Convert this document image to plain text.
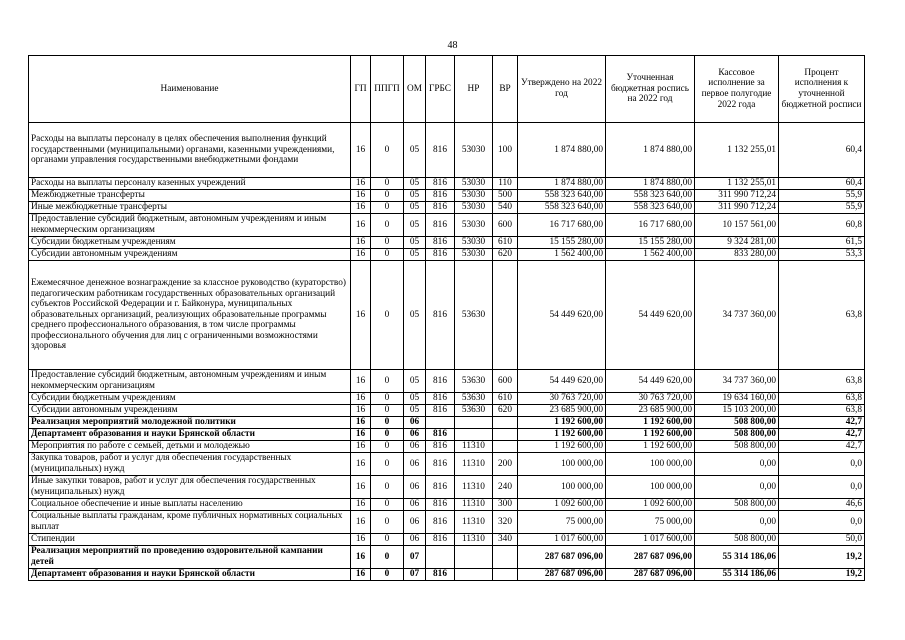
48
Наименование	ГП	ППГП	ОМ	ГРБС	НР	ВР	Утверждено на 2022 год	Уточненная бюджетная роспись на 2022 год	Кассовое исполнение за первое полугодие 2022 года	Процент исполнения к уточненной бюджетной росписи
Расходы на выплаты персоналу в целях обеспечения выполнения функций государственными (муниципальными) органами, казенными учреждениями, органами управления государственными внебюджетными фондами	16	0	05	816	53030	100	1 874 880,00	1 874 880,00	1 132 255,01	60,4
Расходы на выплаты персоналу казенных учреждений	16	0	05	816	53030	110	1 874 880,00	1 874 880,00	1 132 255,01	60,4
Межбюджетные трансферты	16	0	05	816	53030	500	558 323 640,00	558 323 640,00	311 990 712,24	55,9
Иные межбюджетные трансферты	16	0	05	816	53030	540	558 323 640,00	558 323 640,00	311 990 712,24	55,9
Предоставление субсидий бюджетным, автономным учреждениям и иным некоммерческим организациям	16	0	05	816	53030	600	16 717 680,00	16 717 680,00	10 157 561,00	60,8
Субсидии бюджетным учреждениям	16	0	05	816	53030	610	15 155 280,00	15 155 280,00	9 324 281,00	61,5
Субсидии автономным учреждениям	16	0	05	816	53030	620	1 562 400,00	1 562 400,00	833 280,00	53,3
Ежемесячное денежное вознаграждение за классное руководство (кураторство) педагогическим работникам государственных образовательных организаций субъектов Российской Федерации и г. Байконура, муниципальных образовательных организаций, реализующих образовательные программы среднего профессионального образования, в том числе программы профессионального обучения для лиц с ограниченными возможностями здоровья	16	0	05	816	53630		54 449 620,00	54 449 620,00	34 737 360,00	63,8
Предоставление субсидий бюджетным, автономным учреждениям и иным некоммерческим организациям	16	0	05	816	53630	600	54 449 620,00	54 449 620,00	34 737 360,00	63,8
Субсидии бюджетным учреждениям	16	0	05	816	53630	610	30 763 720,00	30 763 720,00	19 634 160,00	63,8
Субсидии автономным учреждениям	16	0	05	816	53630	620	23 685 900,00	23 685 900,00	15 103 200,00	63,8
Реализация мероприятий молодежной политики	16	0	06				1 192 600,00	1 192 600,00	508 800,00	42,7
Департамент образования и науки Брянской области	16	0	06	816			1 192 600,00	1 192 600,00	508 800,00	42,7
Мероприятия по работе с семьей, детьми и молодежью	16	0	06	816	11310		1 192 600,00	1 192 600,00	508 800,00	42,7
Закупка товаров, работ и услуг для обеспечения государственных (муниципальных) нужд	16	0	06	816	11310	200	100 000,00	100 000,00	0,00	0,0
Иные закупки товаров, работ и услуг для обеспечения государственных (муниципальных) нужд	16	0	06	816	11310	240	100 000,00	100 000,00	0,00	0,0
Социальное обеспечение и иные выплаты населению	16	0	06	816	11310	300	1 092 600,00	1 092 600,00	508 800,00	46,6
Социальные выплаты гражданам, кроме публичных нормативных социальных выплат	16	0	06	816	11310	320	75 000,00	75 000,00	0,00	0,0
Стипендии	16	0	06	816	11310	340	1 017 600,00	1 017 600,00	508 800,00	50,0
Реализация мероприятий по проведению оздоровительной кампании детей	16	0	07				287 687 096,00	287 687 096,00	55 314 186,06	19,2
Департамент образования и науки Брянской области	16	0	07	816			287 687 096,00	287 687 096,00	55 314 186,06	19,2
